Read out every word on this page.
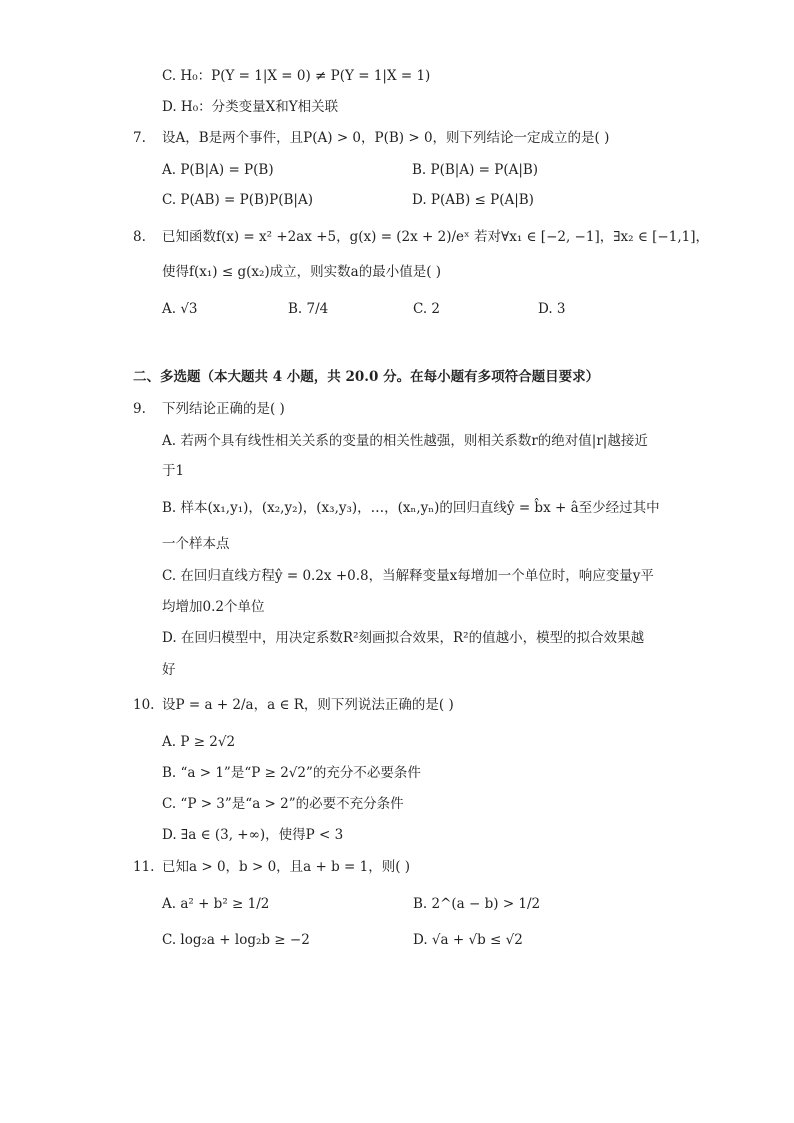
C. H₀：P(Y = 1|X = 0) ≠ P(Y = 1|X = 1)
D. H₀：分类变量X和Y相关联
7. 设A，B是两个事件，且P(A) > 0，P(B) > 0，则下列结论一定成立的是( )
A. P(B|A) = P(B)	B. P(B|A) = P(A|B)
C. P(AB) = P(B)P(B|A)	D. P(AB) ≤ P(A|B)
8. 已知函数f(x) = x² +2ax +5，g(x) = (2x + 2)/eˣ 若对∀x₁ ∈ [−2, −1]，∃x₂ ∈ [−1,1]，
使得f(x₁) ≤ g(x₂)成立，则实数a的最小值是( )
A. √3	B. 7/4	C. 2	D. 3
二、多选题（本大题共 4 小题，共 20.0 分。在每小题有多项符合题目要求）
9. 下列结论正确的是( )
A. 若两个具有线性相关关系的变量的相关性越强，则相关系数r的绝对值|r|越接近
于1
B. 样本(x₁,y₁)，(x₂,y₂)，(x₃,y₃)，…，(xₙ,yₙ)的回归直线ŷ = b̂x + â至少经过其中
一个样本点
C. 在回归直线方程ŷ = 0.2x +0.8，当解释变量x每增加一个单位时，响应变量y平
均增加0.2个单位
D. 在回归模型中，用决定系数R²刻画拟合效果，R²的值越小，模型的拟合效果越
好
10. 设P = a + 2/a，a ∈ R，则下列说法正确的是( )
A. P ≥ 2√2
B. “a > 1”是“P ≥ 2√2”的充分不必要条件
C. “P > 3”是“a > 2”的必要不充分条件
D. ∃a ∈ (3, +∞)，使得P < 3
11. 已知a > 0，b > 0，且a + b = 1，则( )
A. a² + b² ≥ 1/2	B. 2^(a − b) > 1/2
C. log₂a + log₂b ≥ −2	D. √a + √b ≤ √2
